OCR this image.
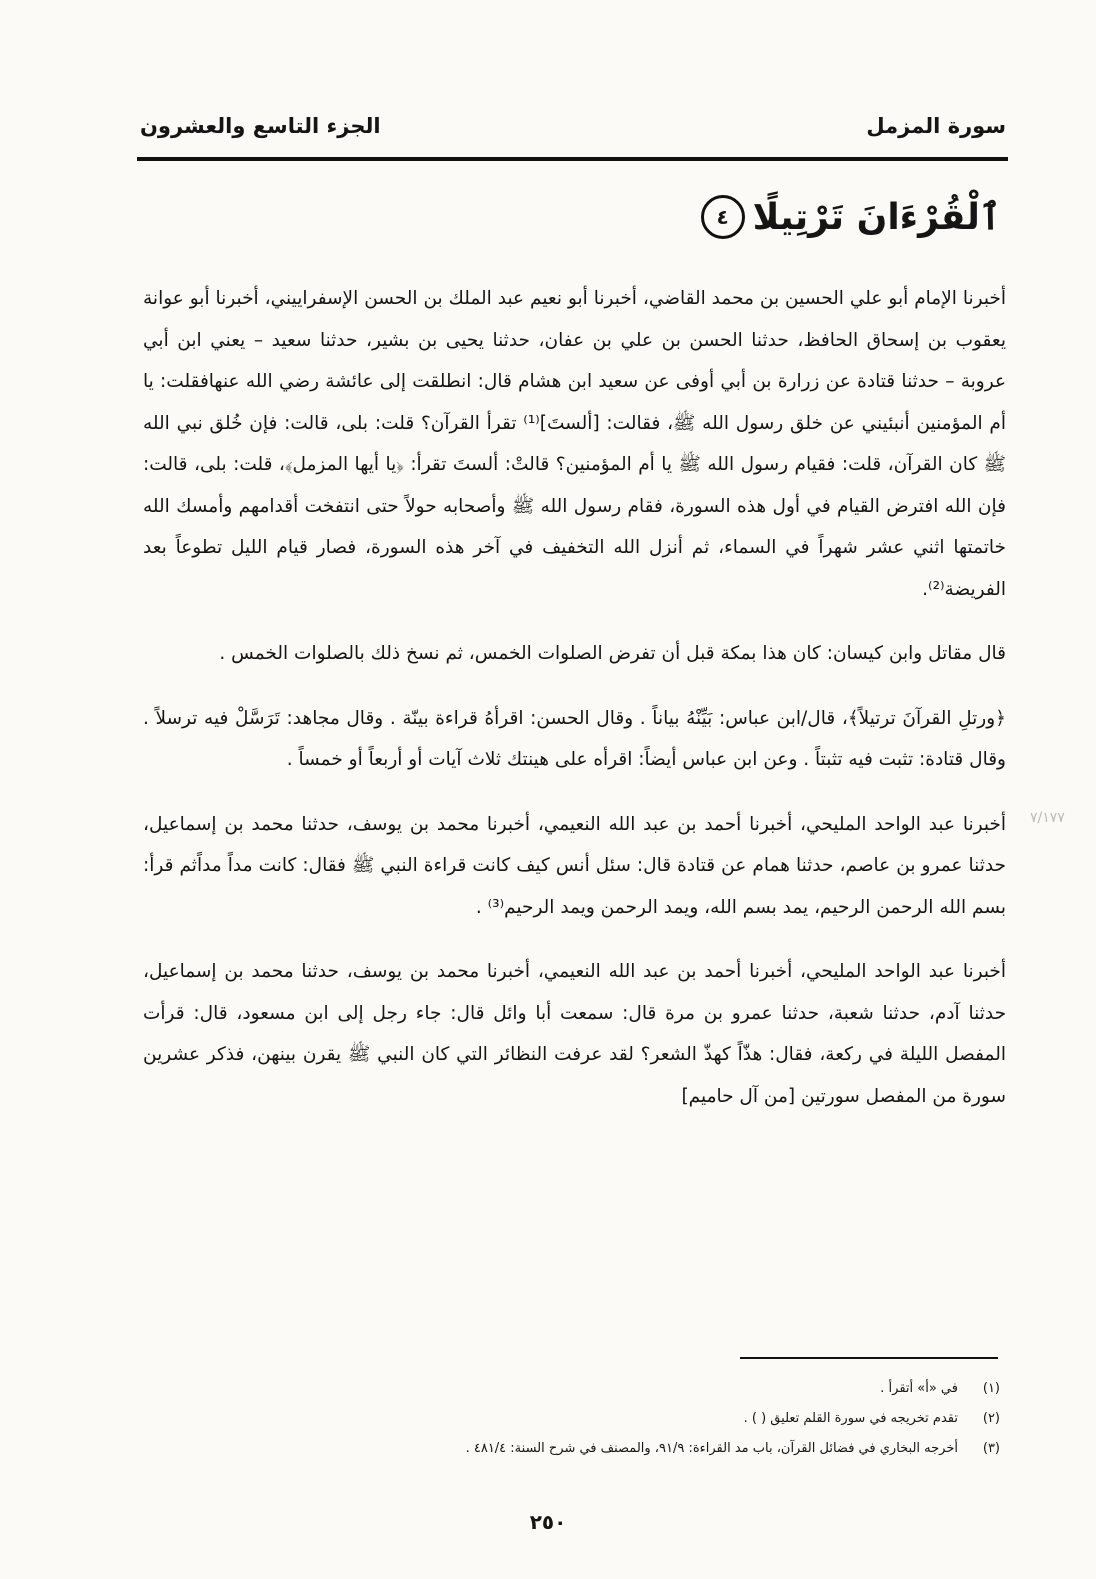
سورة المزمل
الجزء التاسع والعشرون
ٱلْقُرْءَانَ تَرْتِيلًا
٤

أخبرنا الإمام أبو علي الحسين بن محمد القاضي، أخبرنا أبو نعيم عبد الملك بن الحسن الإسفراييني، أخبرنا أبو عوانة يعقوب بن إسحاق الحافظ، حدثنا الحسن بن علي بن عفان، حدثنا يحيى بن بشير، حدثنا سعيد – يعني ابن أبي عروبة – حدثنا قتادة عن زرارة بن أبي أوفى عن سعيد ابن هشام قال: انطلقت إلى عائشة رضي الله عنهافقلت: يا أم المؤمنين أنبئيني عن خلق رسول الله ﷺ، فقالت: [ألستَ]⁽¹⁾ تقرأ القرآن؟ قلت: بلى، قالت: فإن خُلق نبي الله ﷺ كان القرآن، قلت: فقيام رسول الله ﷺ يا أم المؤمنين؟ قالتْ: ألستَ تقرأ: ﴿يا أيها المزمل﴾، قلت: بلى، قالت: فإن الله افترض القيام في أول هذه السورة، فقام رسول الله ﷺ وأصحابه حولاً حتى انتفخت أقدامهم وأمسك الله خاتمتها اثني عشر شهراً في السماء، ثم أنزل الله التخفيف في آخر هذه السورة، فصار قيام الليل تطوعاً بعد الفريضة⁽²⁾.

قال مقاتل وابن كيسان: كان هذا بمكة قبل أن تفرض الصلوات الخمس، ثم نسخ ذلك بالصلوات الخمس .

﴿ورتلِ القرآنَ ترتيلاً﴾، قال/ابن عباس: بَيِّنْهُ بياناً . وقال الحسن: اقرأهُ قراءة بينّة . وقال مجاهد: تَرَسَّلْ فيه ترسلاً . وقال قتادة: تثبت فيه تثبتاً . وعن ابن عباس أيضاً: اقرأه على هينتك ثلاث آيات أو أربعاً أو خمساً .

أخبرنا عبد الواحد المليحي، أخبرنا أحمد بن عبد الله النعيمي، أخبرنا محمد بن يوسف، حدثنا محمد بن إسماعيل، حدثنا عمرو بن عاصم، حدثنا همام عن قتادة قال: سئل أنس كيف كانت قراءة النبي ﷺ فقال: كانت مداً مداًثم قرأ: بسم الله الرحمن الرحيم، يمد بسم الله، ويمد الرحمن ويمد الرحيم⁽³⁾ .

أخبرنا عبد الواحد المليحي، أخبرنا أحمد بن عبد الله النعيمي، أخبرنا محمد بن يوسف، حدثنا محمد بن إسماعيل، حدثنا آدم، حدثنا شعبة، حدثنا عمرو بن مرة قال: سمعت أبا وائل قال: جاء رجل إلى ابن مسعود، قال: قرأت المفصل الليلة في ركعة، فقال: هذّاً كهذّ الشعر؟ لقد عرفت النظائر التي كان النبي ﷺ يقرن بينهن، فذكر عشرين سورة من المفصل سورتين [من آل حاميم]

٧/١٧٧
(١)
في «أ» أتقرأ .
(٢)
تقدم تخريجه في سورة القلم تعليق ( ) .
(٣)
أخرجه البخاري في فضائل القرآن، باب مد القراءة: ٩١/٩، والمصنف في شرح السنة: ٤٨١/٤ .
٢٥٠
